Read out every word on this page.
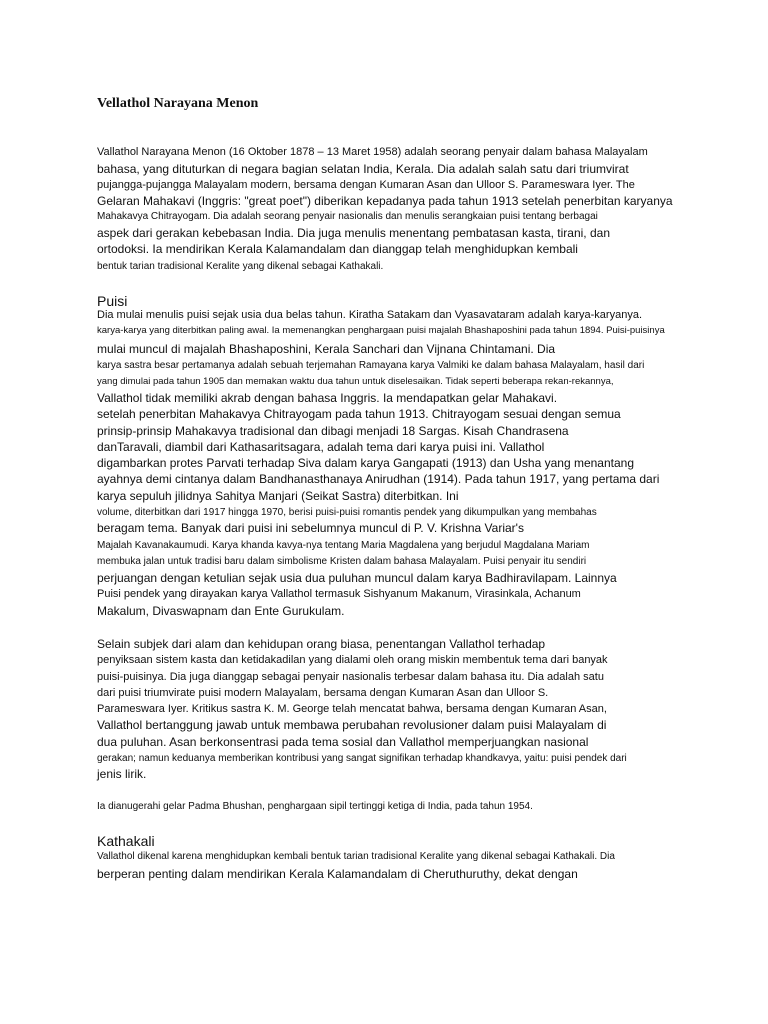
Vellathol Narayana Menon
Vallathol Narayana Menon (16 Oktober 1878 – 13 Maret 1958) adalah seorang penyair dalam bahasa Malayalam
bahasa, yang dituturkan di negara bagian selatan India, Kerala. Dia adalah salah satu dari triumvirat
pujangga-pujangga Malayalam modern, bersama dengan Kumaran Asan dan Ulloor S. Parameswara Iyer. The
Gelaran Mahakavi (Inggris: "great poet") diberikan kepadanya pada tahun 1913 setelah penerbitan karyanya
Mahakavya Chitrayogam. Dia adalah seorang penyair nasionalis dan menulis serangkaian puisi tentang berbagai
aspek dari gerakan kebebasan India. Dia juga menulis menentang pembatasan kasta, tirani, dan
ortodoksi. Ia mendirikan Kerala Kalamandalam dan dianggap telah menghidupkan kembali
bentuk tarian tradisional Keralite yang dikenal sebagai Kathakali.
Puisi
Dia mulai menulis puisi sejak usia dua belas tahun. Kiratha Satakam dan Vyasavataram adalah karya-karyanya.
karya-karya yang diterbitkan paling awal. Ia memenangkan penghargaan puisi majalah Bhashaposhini pada tahun 1894. Puisi-puisinya
mulai muncul di majalah Bhashaposhini, Kerala Sanchari dan Vijnana Chintamani. Dia
karya sastra besar pertamanya adalah sebuah terjemahan Ramayana karya Valmiki ke dalam bahasa Malayalam, hasil dari
yang dimulai pada tahun 1905 dan memakan waktu dua tahun untuk diselesaikan. Tidak seperti beberapa rekan-rekannya,
Vallathol tidak memiliki akrab dengan bahasa Inggris. Ia mendapatkan gelar Mahakavi.
setelah penerbitan Mahakavya Chitrayogam pada tahun 1913. Chitrayogam sesuai dengan semua
prinsip-prinsip Mahakavya tradisional dan dibagi menjadi 18 Sargas. Kisah Chandrasena
danTaravali, diambil dari Kathasaritsagara, adalah tema dari karya puisi ini. Vallathol
digambarkan protes Parvati terhadap Siva dalam karya Gangapati (1913) dan Usha yang menantang
ayahnya demi cintanya dalam Bandhanasthanaya Anirudhan (1914). Pada tahun 1917, yang pertama dari
karya sepuluh jilidnya Sahitya Manjari (Seikat Sastra) diterbitkan. Ini
volume, diterbitkan dari 1917 hingga 1970, berisi puisi-puisi romantis pendek yang dikumpulkan yang membahas
beragam tema. Banyak dari puisi ini sebelumnya muncul di P. V. Krishna Variar's
Majalah Kavanakaumudi. Karya khanda kavya-nya tentang Maria Magdalena yang berjudul Magdalana Mariam
membuka jalan untuk tradisi baru dalam simbolisme Kristen dalam bahasa Malayalam. Puisi penyair itu sendiri
perjuangan dengan ketulian sejak usia dua puluhan muncul dalam karya Badhiravilapam. Lainnya
Puisi pendek yang dirayakan karya Vallathol termasuk Sishyanum Makanum, Virasinkala, Achanum
Makalum, Divaswapnam dan Ente Gurukulam.
Selain subjek dari alam dan kehidupan orang biasa, penentangan Vallathol terhadap
penyiksaan sistem kasta dan ketidakadilan yang dialami oleh orang miskin membentuk tema dari banyak
puisi-puisinya. Dia juga dianggap sebagai penyair nasionalis terbesar dalam bahasa itu. Dia adalah satu
dari puisi triumvirate puisi modern Malayalam, bersama dengan Kumaran Asan dan Ulloor S.
Parameswara Iyer. Kritikus sastra K. M. George telah mencatat bahwa, bersama dengan Kumaran Asan,
Vallathol bertanggung jawab untuk membawa perubahan revolusioner dalam puisi Malayalam di
dua puluhan. Asan berkonsentrasi pada tema sosial dan Vallathol memperjuangkan nasional
gerakan; namun keduanya memberikan kontribusi yang sangat signifikan terhadap khandkavya, yaitu: puisi pendek dari
jenis lirik.
Ia dianugerahi gelar Padma Bhushan, penghargaan sipil tertinggi ketiga di India, pada tahun 1954.
Kathakali
Vallathol dikenal karena menghidupkan kembali bentuk tarian tradisional Keralite yang dikenal sebagai Kathakali. Dia
berperan penting dalam mendirikan Kerala Kalamandalam di Cheruthuruthy, dekat dengan
